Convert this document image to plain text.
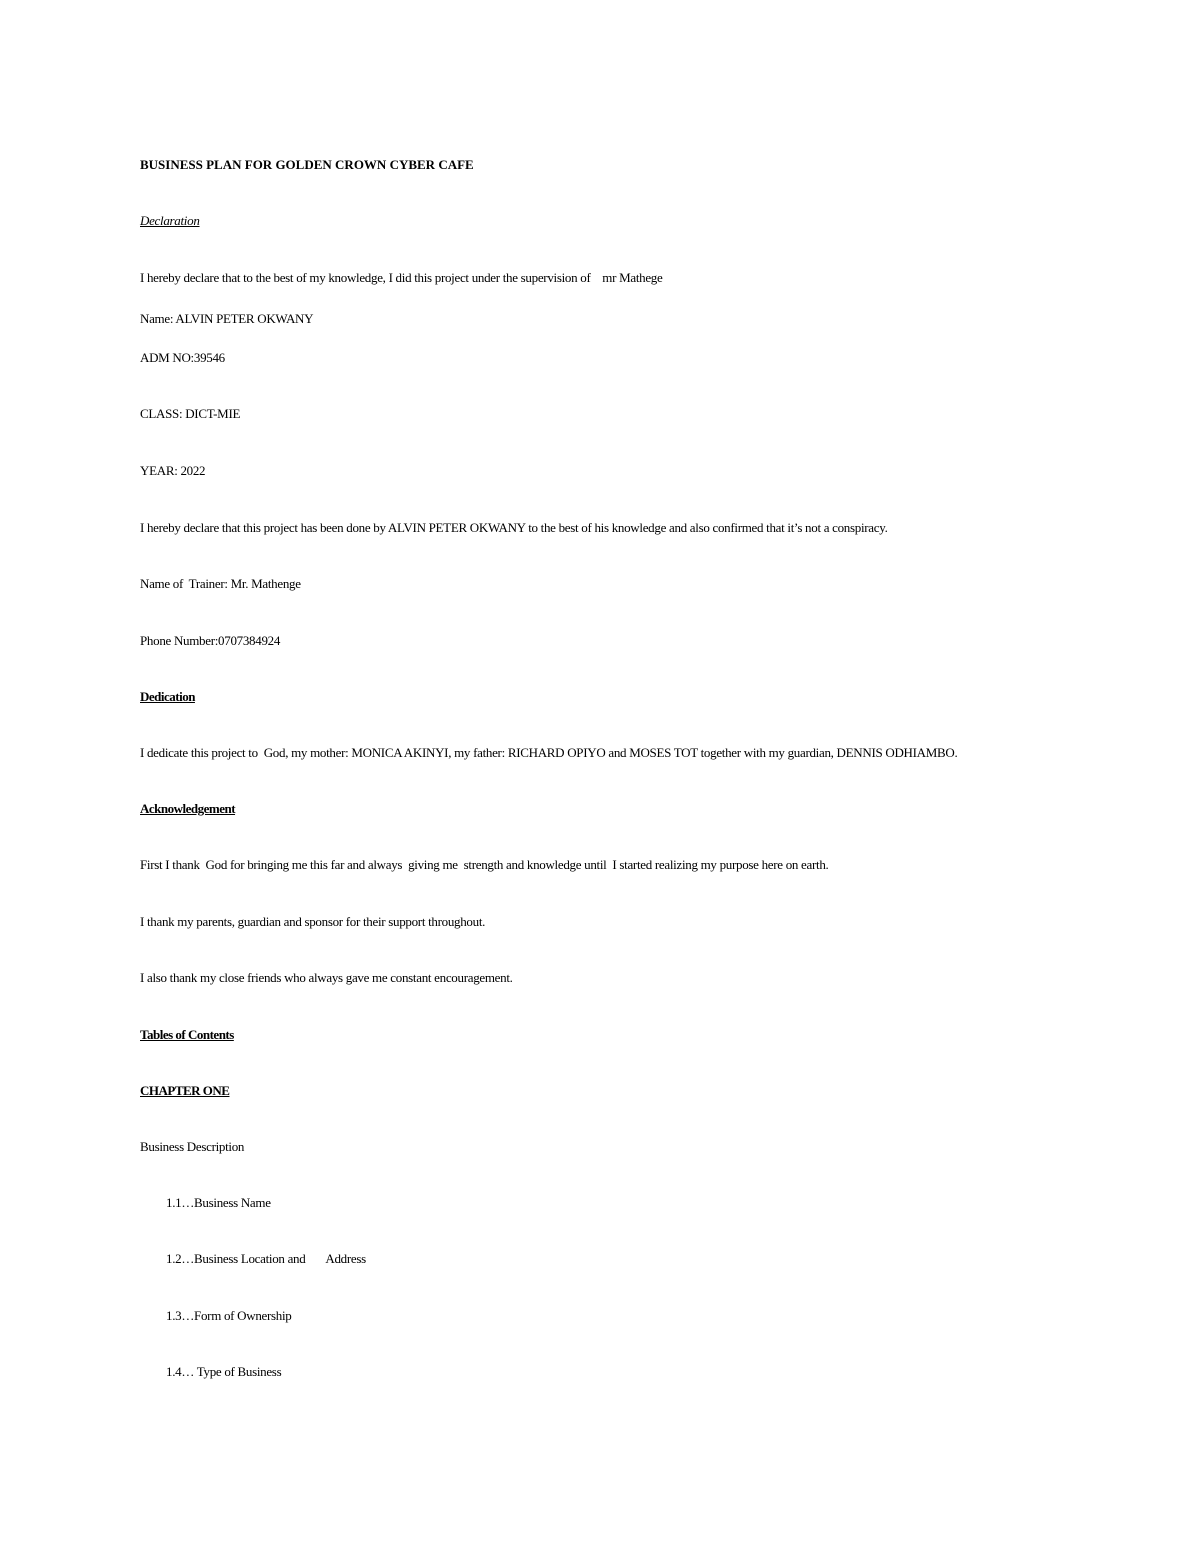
BUSINESS PLAN FOR GOLDEN CROWN CYBER CAFE
Declaration
I hereby declare that to the best of my knowledge, I did this project under the supervision of    mr Mathege
Name: ALVIN PETER OKWANY
ADM NO:39546
CLASS: DICT-MIE
YEAR: 2022
I hereby declare that this project has been done by ALVIN PETER OKWANY to the best of his knowledge and also confirmed that it’s not a conspiracy.
Name of  Trainer: Mr. Mathenge
Phone Number:0707384924
Dedication
I dedicate this project to  God, my mother: MONICA AKINYI, my father: RICHARD OPIYO and MOSES TOT together with my guardian, DENNIS ODHIAMBO.
Acknowledgement
First I thank  God for bringing me this far and always  giving me  strength and knowledge until  I started realizing my purpose here on earth.
I thank my parents, guardian and sponsor for their support throughout.
I also thank my close friends who always gave me constant encouragement.
Tables of Contents
CHAPTER ONE
Business Description
1.1…Business Name
1.2…Business Location and       Address
1.3…Form of Ownership
1.4… Type of Business
